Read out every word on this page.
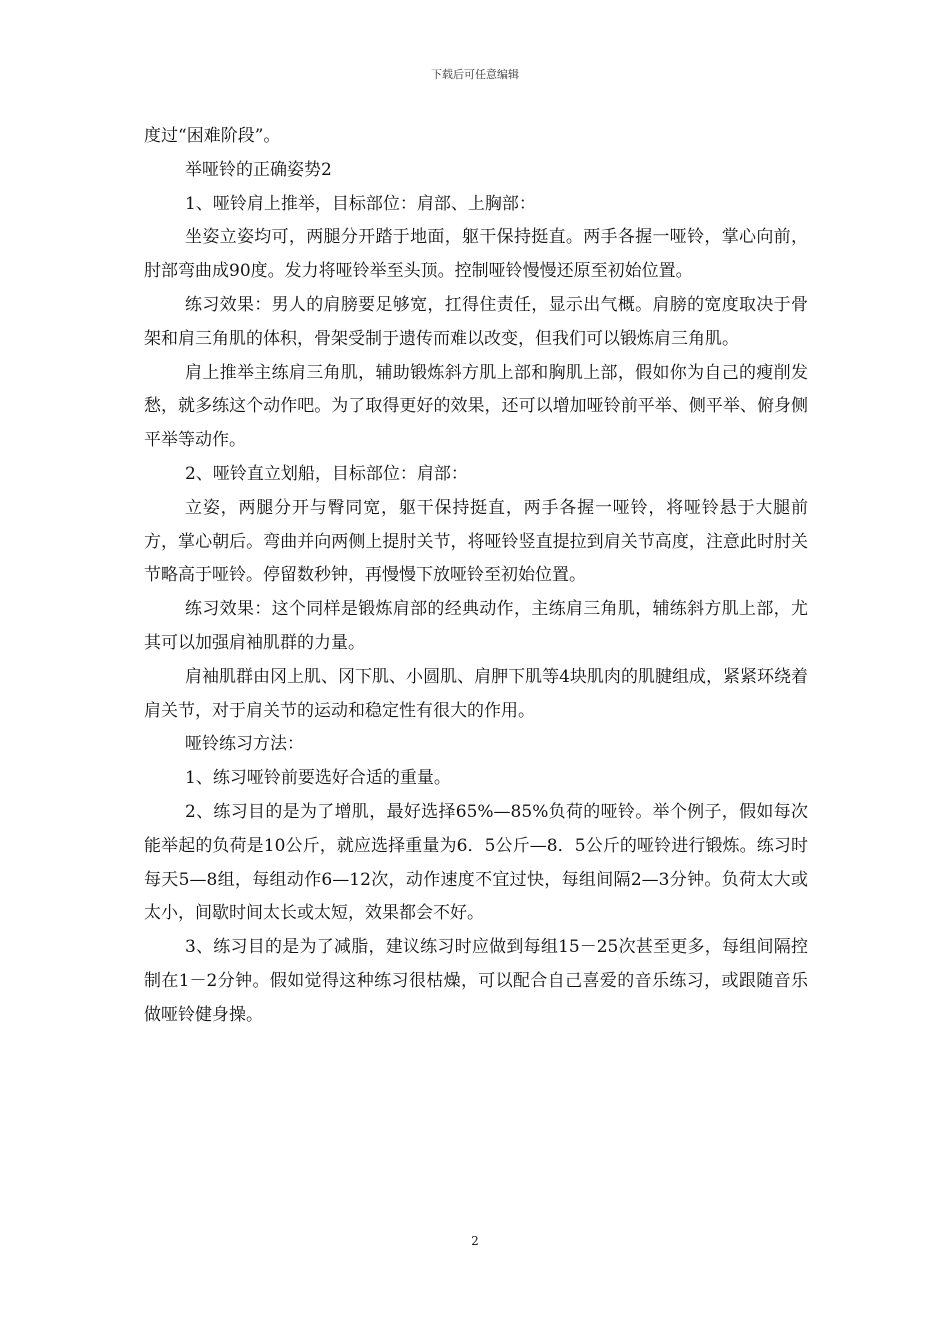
下载后可任意编辑

度过“困难阶段”。

举哑铃的正确姿势2

1、哑铃肩上推举，目标部位：肩部、上胸部：

坐姿立姿均可，两腿分开踏于地面，躯干保持挺直。两手各握一哑铃，掌心向前，肘部弯曲成90度。发力将哑铃举至头顶。控制哑铃慢慢还原至初始位置。

练习效果：男人的肩膀要足够宽，扛得住责任，显示出气概。肩膀的宽度取决于骨架和肩三角肌的体积，骨架受制于遗传而难以改变，但我们可以锻炼肩三角肌。

肩上推举主练肩三角肌，辅助锻炼斜方肌上部和胸肌上部，假如你为自己的瘦削发愁，就多练这个动作吧。为了取得更好的效果，还可以增加哑铃前平举、侧平举、俯身侧平举等动作。

2、哑铃直立划船，目标部位：肩部：

立姿，两腿分开与臀同宽，躯干保持挺直，两手各握一哑铃，将哑铃悬于大腿前方，掌心朝后。弯曲并向两侧上提肘关节，将哑铃竖直提拉到肩关节高度，注意此时肘关节略高于哑铃。停留数秒钟，再慢慢下放哑铃至初始位置。

练习效果：这个同样是锻炼肩部的经典动作，主练肩三角肌，辅练斜方肌上部，尤其可以加强肩袖肌群的力量。

肩袖肌群由冈上肌、冈下肌、小圆肌、肩胛下肌等4块肌肉的肌腱组成，紧紧环绕着肩关节，对于肩关节的运动和稳定性有很大的作用。

哑铃练习方法：

1、练习哑铃前要选好合适的重量。

2、练习目的是为了增肌，最好选择65%—85%负荷的哑铃。举个例子，假如每次能举起的负荷是10公斤，就应选择重量为6．5公斤—8．5公斤的哑铃进行锻炼。练习时每天5—8组，每组动作6—12次，动作速度不宜过快，每组间隔2—3分钟。负荷太大或太小，间歇时间太长或太短，效果都会不好。

3、练习目的是为了减脂，建议练习时应做到每组15－25次甚至更多，每组间隔控制在1－2分钟。假如觉得这种练习很枯燥，可以配合自己喜爱的音乐练习，或跟随音乐做哑铃健身操。

2
